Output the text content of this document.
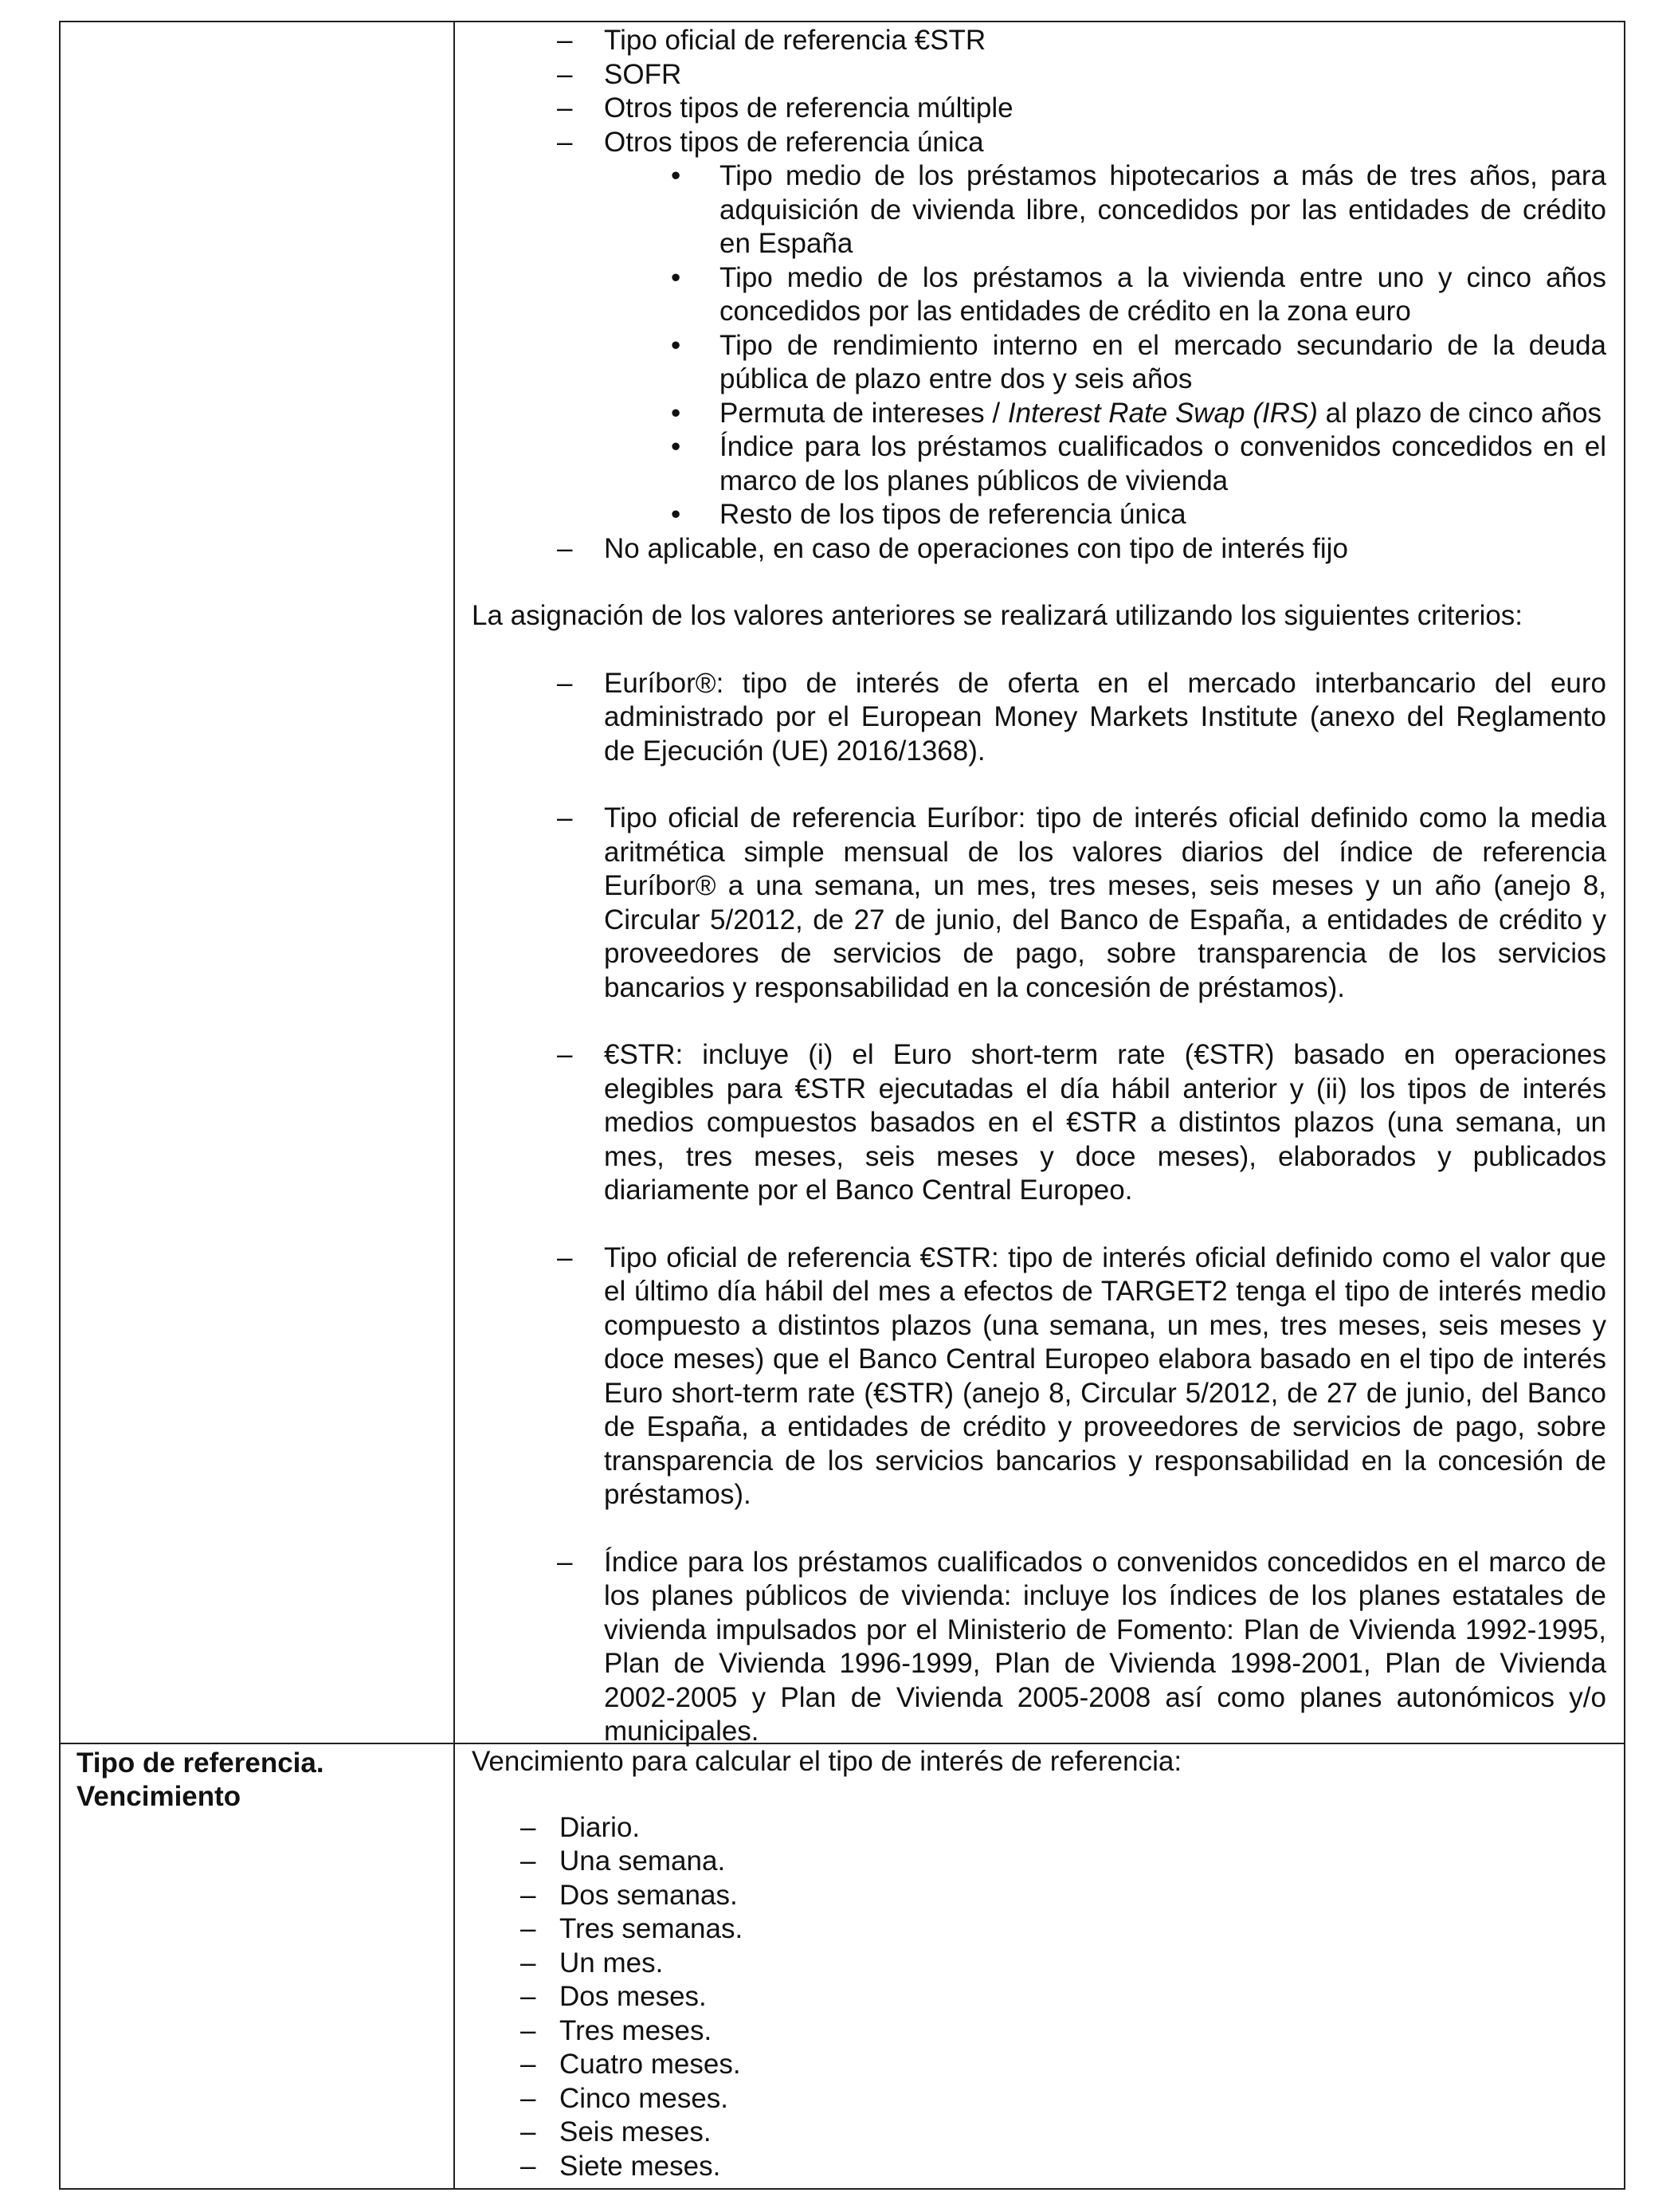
– Tipo oficial de referencia €STR
– SOFR
– Otros tipos de referencia múltiple
– Otros tipos de referencia única
• Tipo medio de los préstamos hipotecarios a más de tres años, para adquisición de vivienda libre, concedidos por las entidades de crédito en España
• Tipo medio de los préstamos a la vivienda entre uno y cinco años concedidos por las entidades de crédito en la zona euro
• Tipo de rendimiento interno en el mercado secundario de la deuda pública de plazo entre dos y seis años
• Permuta de intereses / Interest Rate Swap (IRS) al plazo de cinco años
• Índice para los préstamos cualificados o convenidos concedidos en el marco de los planes públicos de vivienda
• Resto de los tipos de referencia única
– No aplicable, en caso de operaciones con tipo de interés fijo
La asignación de los valores anteriores se realizará utilizando los siguientes criterios:
– Euríbor®: tipo de interés de oferta en el mercado interbancario del euro administrado por el European Money Markets Institute (anexo del Reglamento de Ejecución (UE) 2016/1368).
– Tipo oficial de referencia Euríbor: tipo de interés oficial definido como la media aritmética simple mensual de los valores diarios del índice de referencia Euríbor® a una semana, un mes, tres meses, seis meses y un año (anejo 8, Circular 5/2012, de 27 de junio, del Banco de España, a entidades de crédito y proveedores de servicios de pago, sobre transparencia de los servicios bancarios y responsabilidad en la concesión de préstamos).
– €STR: incluye (i) el Euro short-term rate (€STR) basado en operaciones elegibles para €STR ejecutadas el día hábil anterior y (ii) los tipos de interés medios compuestos basados en el €STR a distintos plazos (una semana, un mes, tres meses, seis meses y doce meses), elaborados y publicados diariamente por el Banco Central Europeo.
– Tipo oficial de referencia €STR: tipo de interés oficial definido como el valor que el último día hábil del mes a efectos de TARGET2 tenga el tipo de interés medio compuesto a distintos plazos (una semana, un mes, tres meses, seis meses y doce meses) que el Banco Central Europeo elabora basado en el tipo de interés Euro short-term rate (€STR) (anejo 8, Circular 5/2012, de 27 de junio, del Banco de España, a entidades de crédito y proveedores de servicios de pago, sobre transparencia de los servicios bancarios y responsabilidad en la concesión de préstamos).
– Índice para los préstamos cualificados o convenidos concedidos en el marco de los planes públicos de vivienda: incluye los índices de los planes estatales de vivienda impulsados por el Ministerio de Fomento: Plan de Vivienda 1992-1995, Plan de Vivienda 1996-1999, Plan de Vivienda 1998-2001, Plan de Vivienda 2002-2005 y Plan de Vivienda 2005-2008 así como planes autonómicos y/o municipales.
Tipo de referencia.
Vencimiento
Vencimiento para calcular el tipo de interés de referencia:
– Diario.
– Una semana.
– Dos semanas.
– Tres semanas.
– Un mes.
– Dos meses.
– Tres meses.
– Cuatro meses.
– Cinco meses.
– Seis meses.
– Siete meses.
